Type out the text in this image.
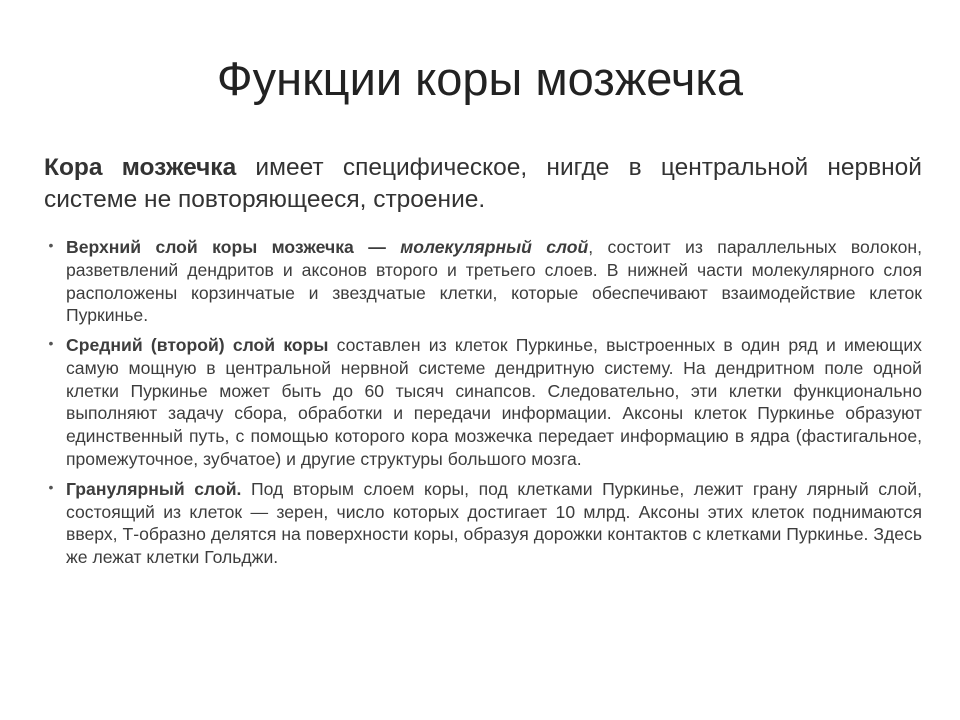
Функции коры мозжечка

Кора мозжечка имеет специфическое, нигде в центральной нервной системе не повторяющееся, строение.

• Верхний слой коры мозжечка — молекулярный слой, состоит из параллельных волокон, разветвлений дендритов и аксонов второго и третьего слоев. В нижней части молекулярного слоя расположены корзинчатые и звездчатые клетки, которые обеспечивают взаимодействие клеток Пуркинье.
• Средний (второй) слой коры составлен из клеток Пуркинье, выстроенных в один ряд и имеющих самую мощную в центральной нервной системе дендритную систему. На дендритном поле одной клетки Пуркинье может быть до 60 тысяч синапсов. Следовательно, эти клетки функционально выполняют задачу сбора, обработки и передачи информации. Аксоны клеток Пуркинье образуют единственный путь, с помощью которого кора мозжечка передает информацию в ядра (фастигальное, промежуточное, зубчатое) и другие структуры большого мозга.
• Гранулярный слой. Под вторым слоем коры, под клетками Пуркинье, лежит грану лярный слой, состоящий из клеток — зерен, число которых достигает 10 млрд. Аксоны этих клеток поднимаются вверх, Т-образно делятся на поверхности коры, образуя дорожки контактов с клетками Пуркинье. Здесь же лежат клетки Гольджи.
